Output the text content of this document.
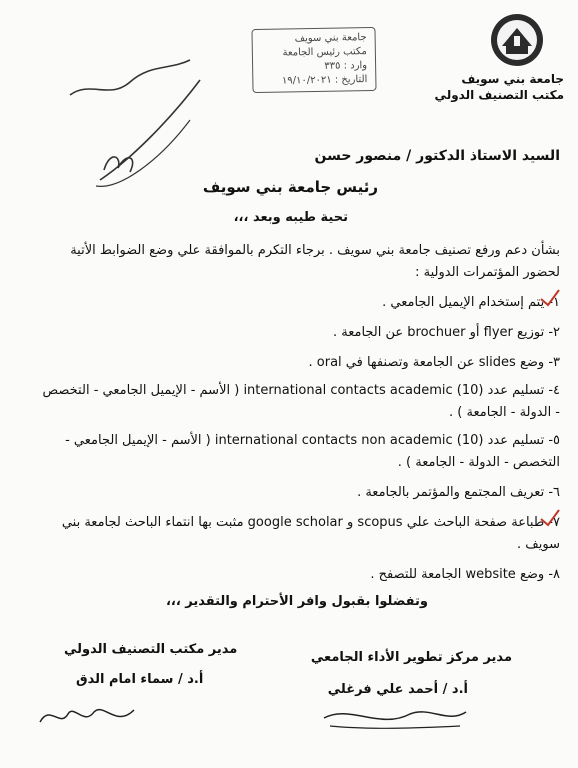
جامعة بني سويف
مكتب التصنيف الدولي
جامعة بني سويف
مكتب رئيس الجامعة
وارد : ٣٣٥
التاريخ : ١٩/١٠/٢٠٢١
السيد الاستاذ الدكتور / منصور حسن
رئيس جامعة بني سويف
تحية طيبه وبعد ،،،
بشأن دعم ورفع تصنيف جامعة بني سويف . برجاء التكرم بالموافقة علي وضع الضوابط الأتية
لحضور المؤتمرات الدولية :
١- يتم إستخدام الإيميل الجامعي .
٢- توزيع flyer أو brochuer عن الجامعة .
٣- وضع slides عن الجامعة وتصنفها في oral .
٤- تسليم عدد (10) international contacts academic ( الأسم - الإيميل الجامعي - التخصص
- الدولة - الجامعة ) .
٥- تسليم عدد (10) international contacts non academic ( الأسم - الإيميل الجامعي -
التخصص - الدولة - الجامعة ) .
٦- تعريف المجتمع والمؤتمر بالجامعة .
٧- طباعة صفحة الباحث علي scopus و google scholar مثبت بها انتماء الباحث لجامعة بني
سويف .
٨- وضع website الجامعة للتصفح .
وتفضلوا بقبول وافر الأحترام والتقدير ،،،
مدير مركز تطوير الأداء الجامعي
أ.د / أحمد علي فرغلي
مدير مكتب التصنيف الدولي
أ.د / سماء امام الدق
